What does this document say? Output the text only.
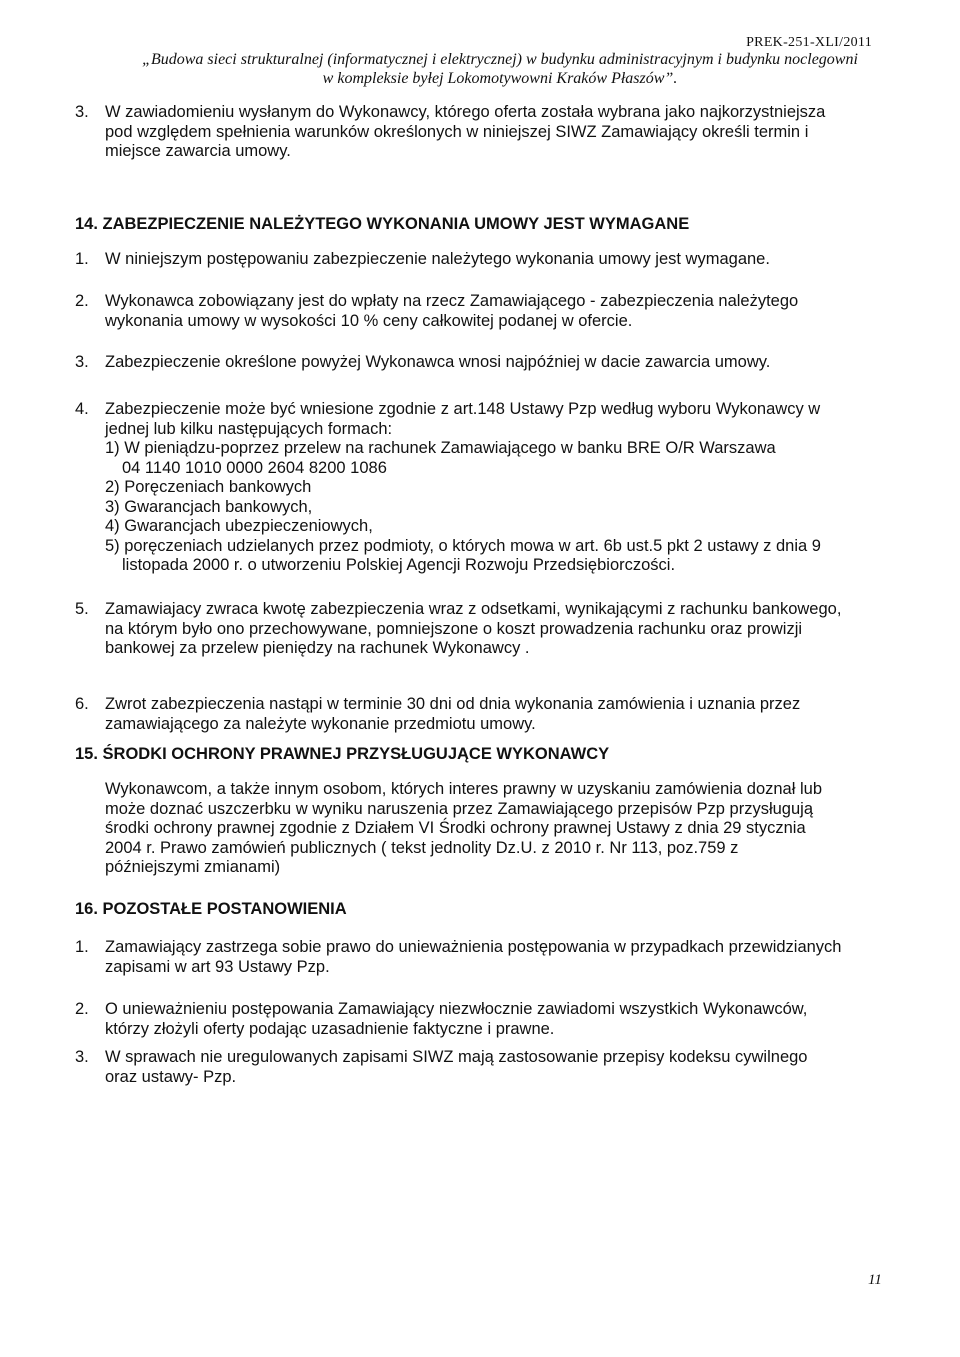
PREK-251-XLI/2011
„Budowa sieci strukturalnej (informatycznej i elektrycznej) w budynku administracyjnym i budynku noclegowni
w kompleksie byłej Lokomotywowni Kraków Płaszów”.
3. W zawiadomieniu wysłanym do Wykonawcy, którego oferta została wybrana jako najkorzystniejsza
pod względem spełnienia warunków określonych w niniejszej SIWZ Zamawiający określi termin i
miejsce zawarcia umowy.
14. ZABEZPIECZENIE NALEŻYTEGO WYKONANIA UMOWY JEST WYMAGANE
1. W niniejszym postępowaniu zabezpieczenie należytego wykonania umowy jest wymagane.
2. Wykonawca zobowiązany jest do wpłaty na rzecz Zamawiającego - zabezpieczenia należytego
wykonania umowy w wysokości 10 % ceny całkowitej podanej w ofercie.
3. Zabezpieczenie określone powyżej Wykonawca wnosi najpóźniej w dacie zawarcia umowy.
4. Zabezpieczenie może być wniesione zgodnie z art.148 Ustawy Pzp według wyboru Wykonawcy w
jednej lub kilku następujących formach:
1) W pieniądzu-poprzez przelew na rachunek Zamawiającego w banku BRE O/R Warszawa
04 1140 1010 0000 2604 8200 1086
2) Poręczeniach bankowych
3) Gwarancjach bankowych,
4) Gwarancjach ubezpieczeniowych,
5) poręczeniach udzielanych przez podmioty, o których mowa w art. 6b ust.5 pkt 2 ustawy z dnia 9
listopada 2000 r. o utworzeniu Polskiej Agencji Rozwoju Przedsiębiorczości.
5. Zamawiajacy zwraca kwotę zabezpieczenia wraz z odsetkami, wynikającymi z rachunku bankowego,
na którym było ono przechowywane, pomniejszone o koszt prowadzenia rachunku oraz prowizji
bankowej za przelew pieniędzy na rachunek Wykonawcy .
6. Zwrot zabezpieczenia nastąpi w terminie 30 dni od dnia wykonania zamówienia i uznania przez
zamawiającego za należyte wykonanie przedmiotu umowy.
15. ŚRODKI OCHRONY PRAWNEJ PRZYSŁUGUJĄCE WYKONAWCY
Wykonawcom, a także innym osobom, których interes prawny w uzyskaniu zamówienia doznał lub
może doznać uszczerbku w wyniku naruszenia przez Zamawiającego przepisów Pzp przysługują
środki ochrony prawnej zgodnie z Działem VI Środki ochrony prawnej Ustawy z dnia 29 stycznia
2004 r. Prawo zamówień publicznych ( tekst jednolity Dz.U. z 2010 r. Nr 113, poz.759 z
późniejszymi zmianami)
16. POZOSTAŁE POSTANOWIENIA
1. Zamawiający zastrzega sobie prawo do unieważnienia postępowania w przypadkach przewidzianych
zapisami w art 93 Ustawy Pzp.
2. O unieważnieniu postępowania Zamawiający niezwłocznie zawiadomi wszystkich Wykonawców,
którzy złożyli oferty podając uzasadnienie faktyczne i prawne.
3. W sprawach nie uregulowanych zapisami SIWZ mają zastosowanie przepisy kodeksu cywilnego
oraz ustawy- Pzp.
11
